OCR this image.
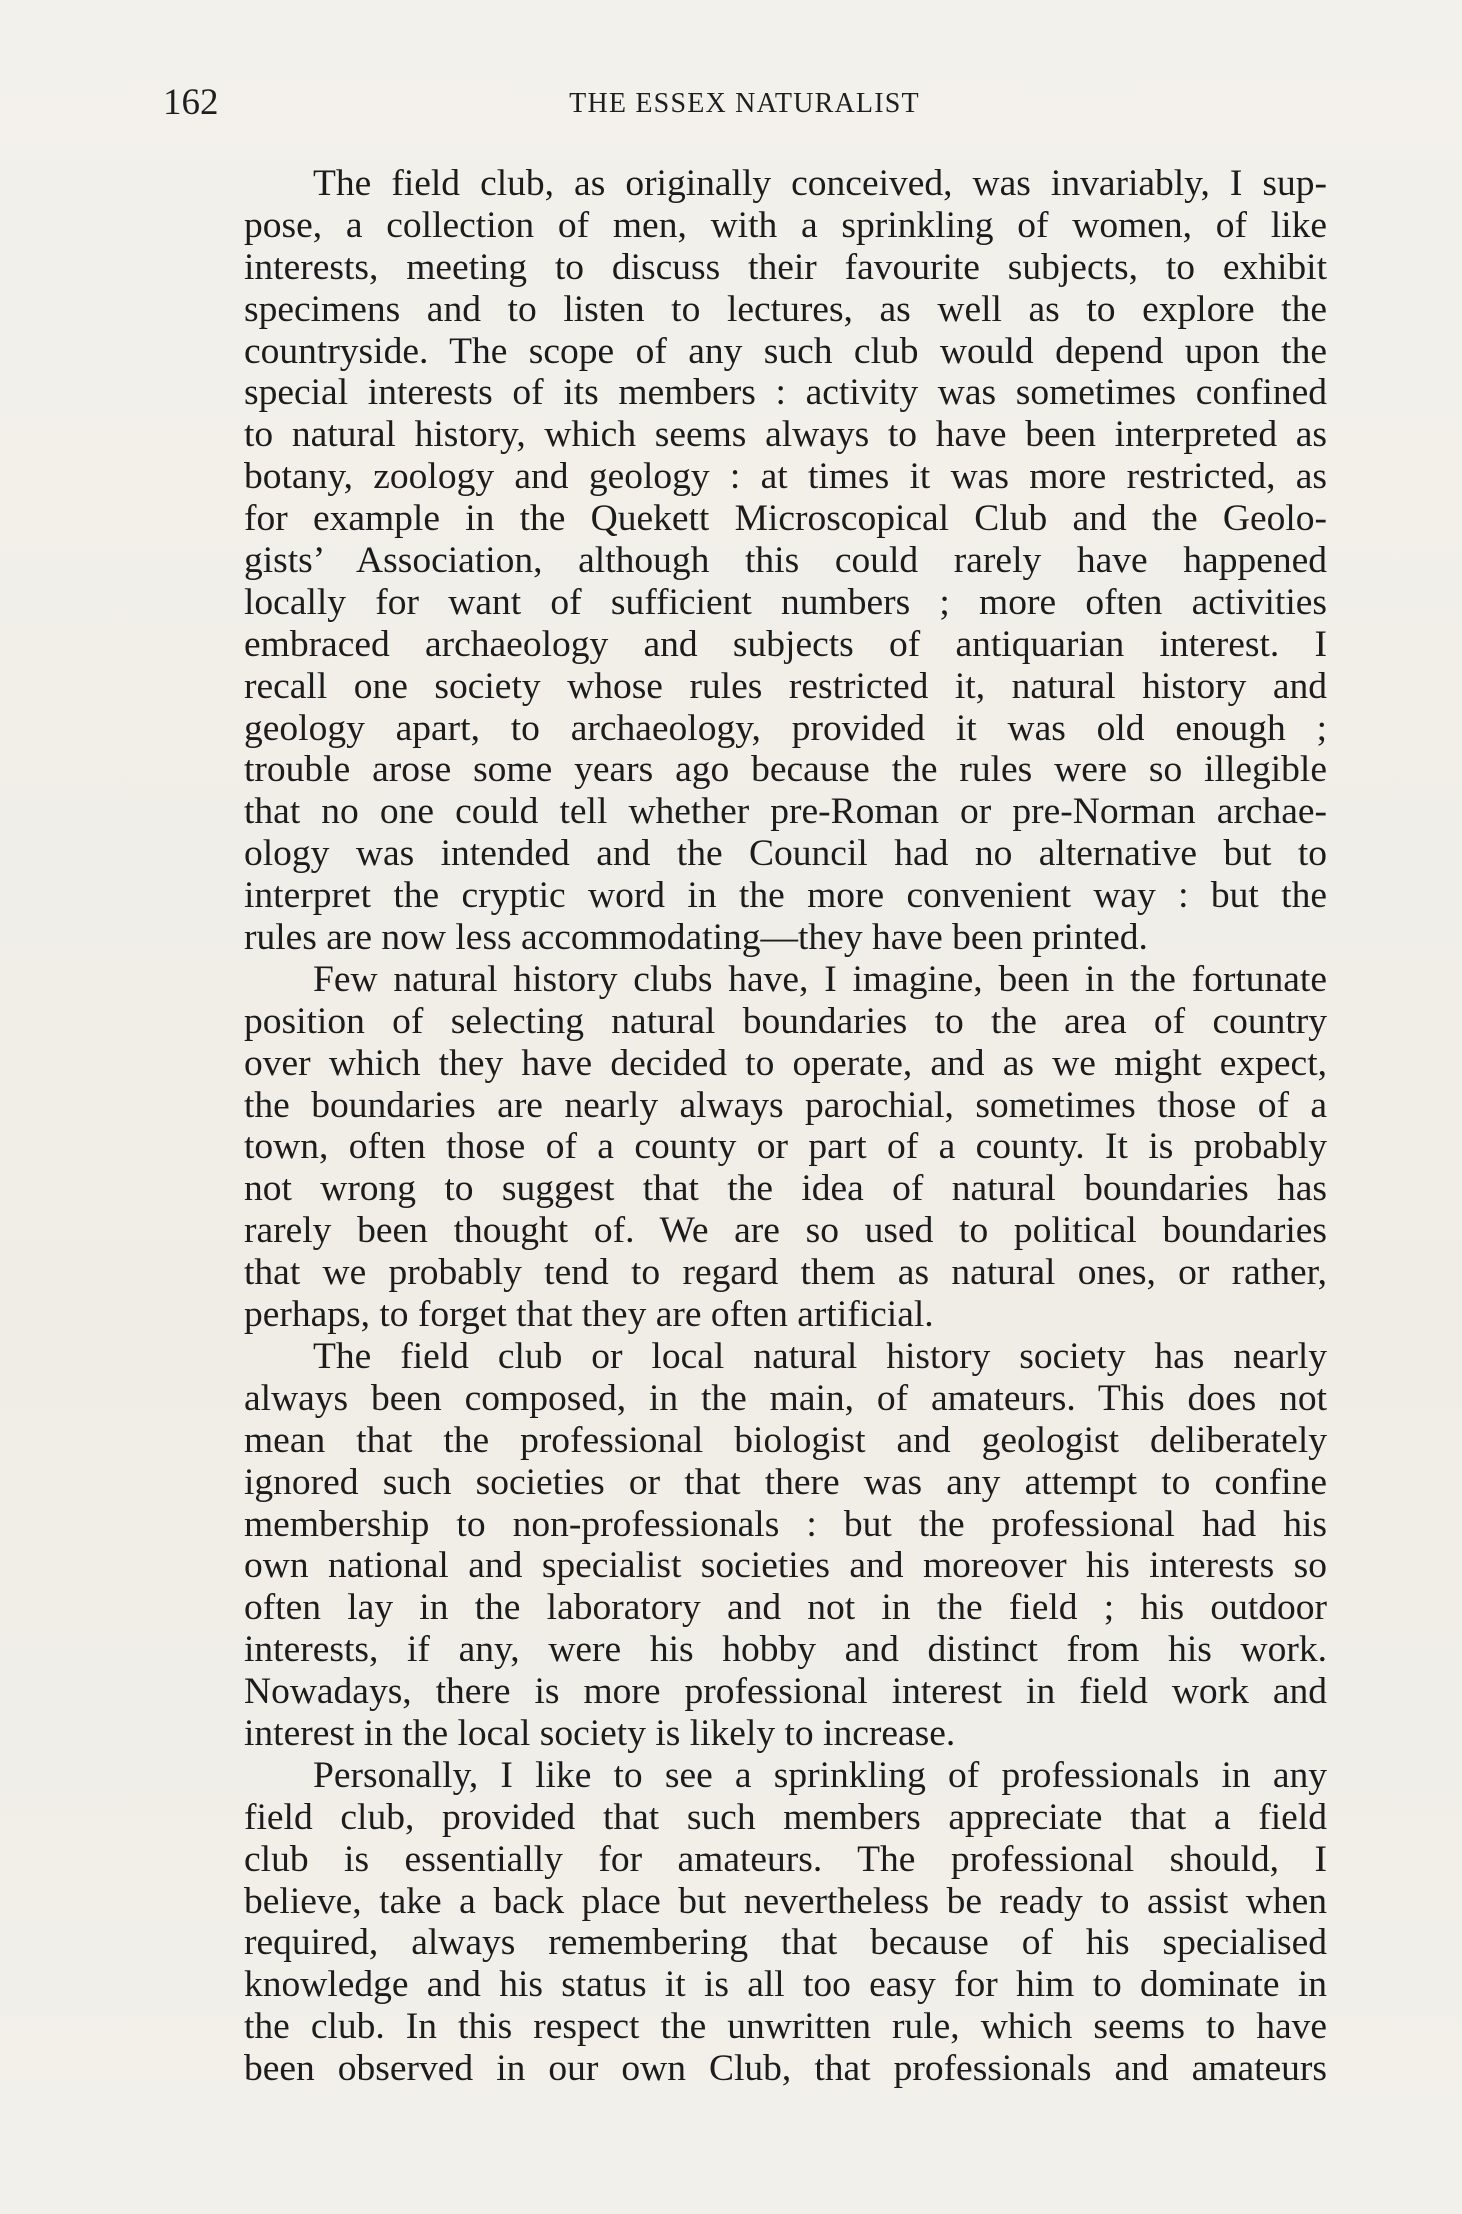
162	THE ESSEX NATURALIST
The field club, as originally conceived, was invariably, I sup-
pose, a collection of men, with a sprinkling of women, of like
interests, meeting to discuss their favourite subjects, to exhibit
specimens and to listen to lectures, as well as to explore the
countryside. The scope of any such club would depend upon the
special interests of its members : activity was sometimes confined
to natural history, which seems always to have been interpreted as
botany, zoology and geology : at times it was more restricted, as
for example in the Quekett Microscopical Club and the Geolo-
gists’ Association, although this could rarely have happened
locally for want of sufficient numbers ; more often activities
embraced archaeology and subjects of antiquarian interest. I
recall one society whose rules restricted it, natural history and
geology apart, to archaeology, provided it was old enough ;
trouble arose some years ago because the rules were so illegible
that no one could tell whether pre-Roman or pre-Norman archae-
ology was intended and the Council had no alternative but to
interpret the cryptic word in the more convenient way : but the
rules are now less accommodating—they have been printed.
Few natural history clubs have, I imagine, been in the fortunate
position of selecting natural boundaries to the area of country
over which they have decided to operate, and as we might expect,
the boundaries are nearly always parochial, sometimes those of a
town, often those of a county or part of a county. It is probably
not wrong to suggest that the idea of natural boundaries has
rarely been thought of. We are so used to political boundaries
that we probably tend to regard them as natural ones, or rather,
perhaps, to forget that they are often artificial.
The field club or local natural history society has nearly
always been composed, in the main, of amateurs. This does not
mean that the professional biologist and geologist deliberately
ignored such societies or that there was any attempt to confine
membership to non-professionals : but the professional had his
own national and specialist societies and moreover his interests so
often lay in the laboratory and not in the field ; his outdoor
interests, if any, were his hobby and distinct from his work.
Nowadays, there is more professional interest in field work and
interest in the local society is likely to increase.
Personally, I like to see a sprinkling of professionals in any
field club, provided that such members appreciate that a field
club is essentially for amateurs. The professional should, I
believe, take a back place but nevertheless be ready to assist when
required, always remembering that because of his specialised
knowledge and his status it is all too easy for him to dominate in
the club. In this respect the unwritten rule, which seems to have
been observed in our own Club, that professionals and amateurs
